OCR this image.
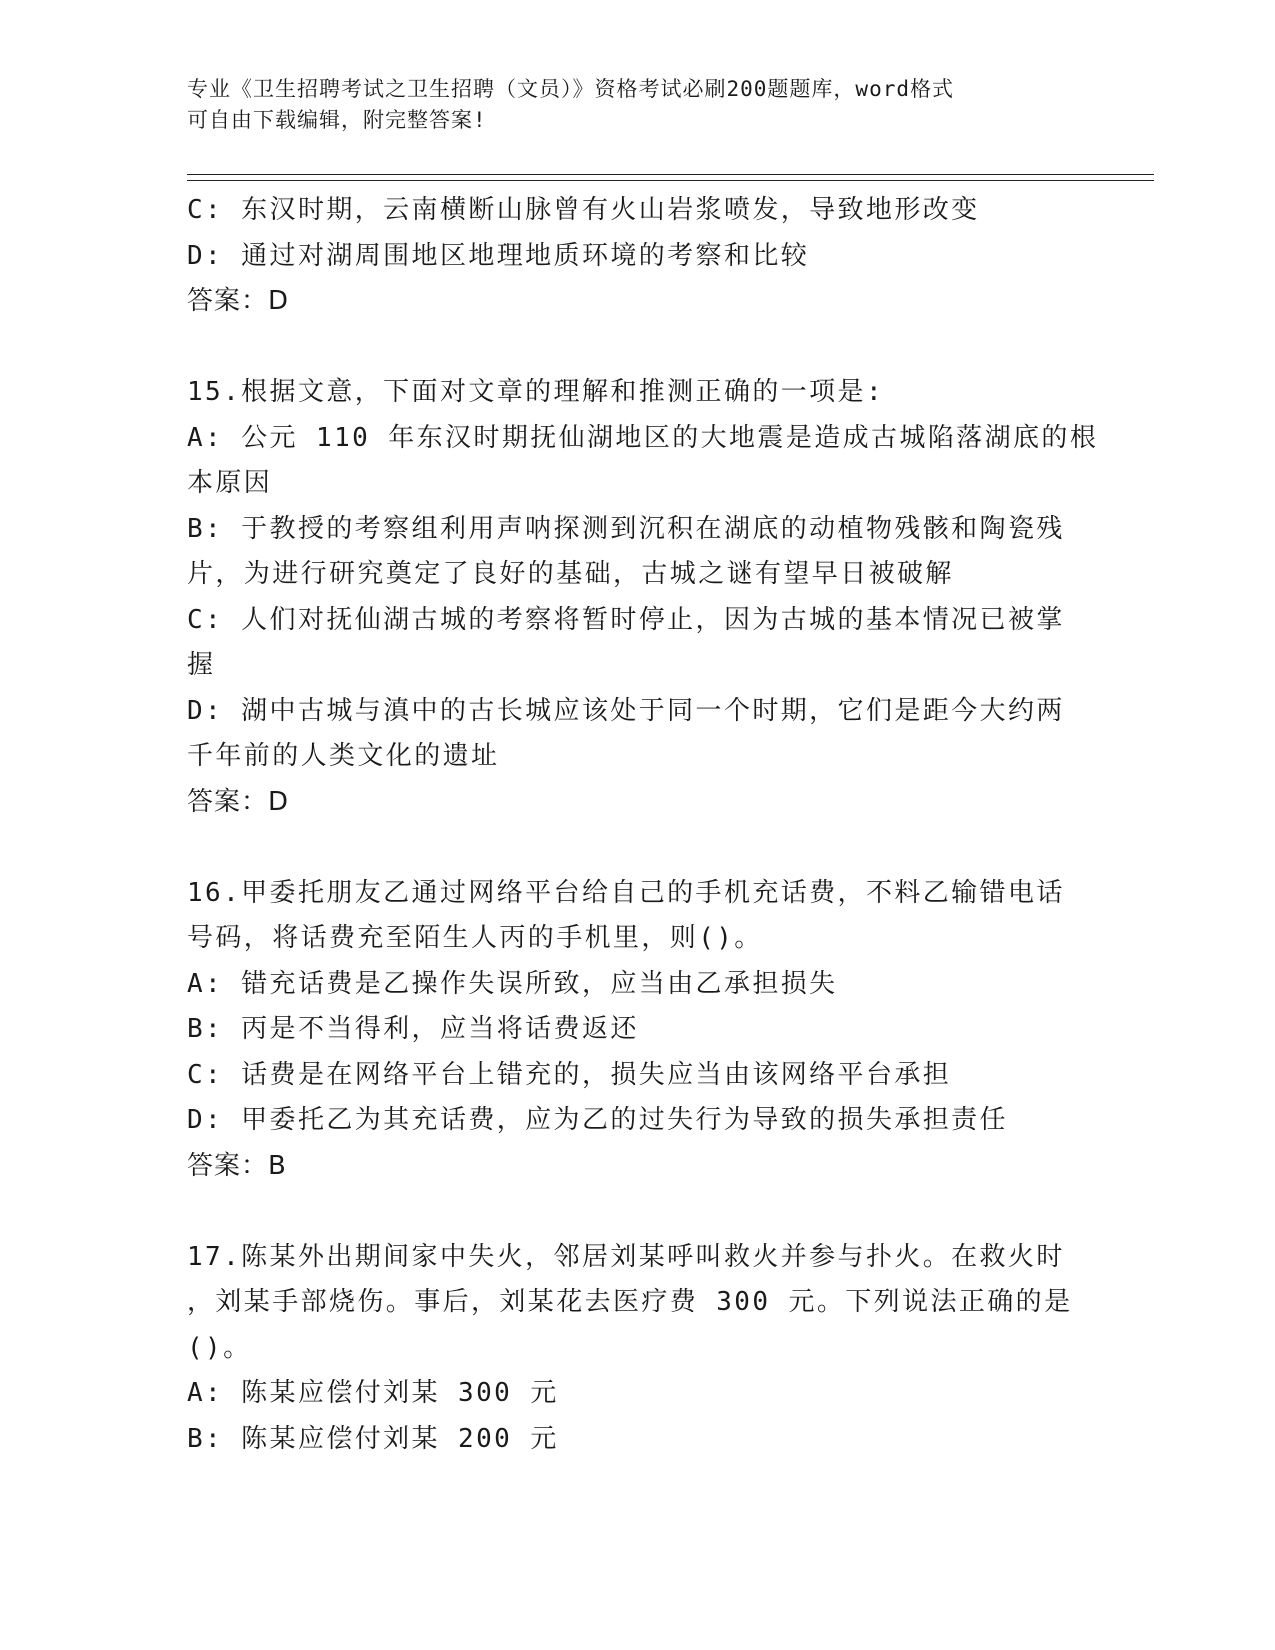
专业《卫生招聘考试之卫生招聘（文员）》资格考试必刷200题题库，word格式
可自由下载编辑，附完整答案!
C: 东汉时期，云南横断山脉曾有火山岩浆喷发，导致地形改变
D: 通过对湖周围地区地理地质环境的考察和比较
答案：D
15.根据文意，下面对文章的理解和推测正确的一项是:
A: 公元 110 年东汉时期抚仙湖地区的大地震是造成古城陷落湖底的根
本原因
B: 于教授的考察组利用声呐探测到沉积在湖底的动植物残骸和陶瓷残
片，为进行研究奠定了良好的基础，古城之谜有望早日被破解
C: 人们对抚仙湖古城的考察将暂时停止，因为古城的基本情况已被掌
握
D: 湖中古城与滇中的古长城应该处于同一个时期，它们是距今大约两
千年前的人类文化的遗址
答案：D
16.甲委托朋友乙通过网络平台给自己的手机充话费，不料乙输错电话
号码，将话费充至陌生人丙的手机里，则()。
A: 错充话费是乙操作失误所致，应当由乙承担损失
B: 丙是不当得利，应当将话费返还
C: 话费是在网络平台上错充的，损失应当由该网络平台承担
D: 甲委托乙为其充话费，应为乙的过失行为导致的损失承担责任
答案：B
17.陈某外出期间家中失火，邻居刘某呼叫救火并参与扑火。在救火时
，刘某手部烧伤。事后，刘某花去医疗费 300 元。下列说法正确的是
()。
A: 陈某应偿付刘某 300 元
B: 陈某应偿付刘某 200 元
